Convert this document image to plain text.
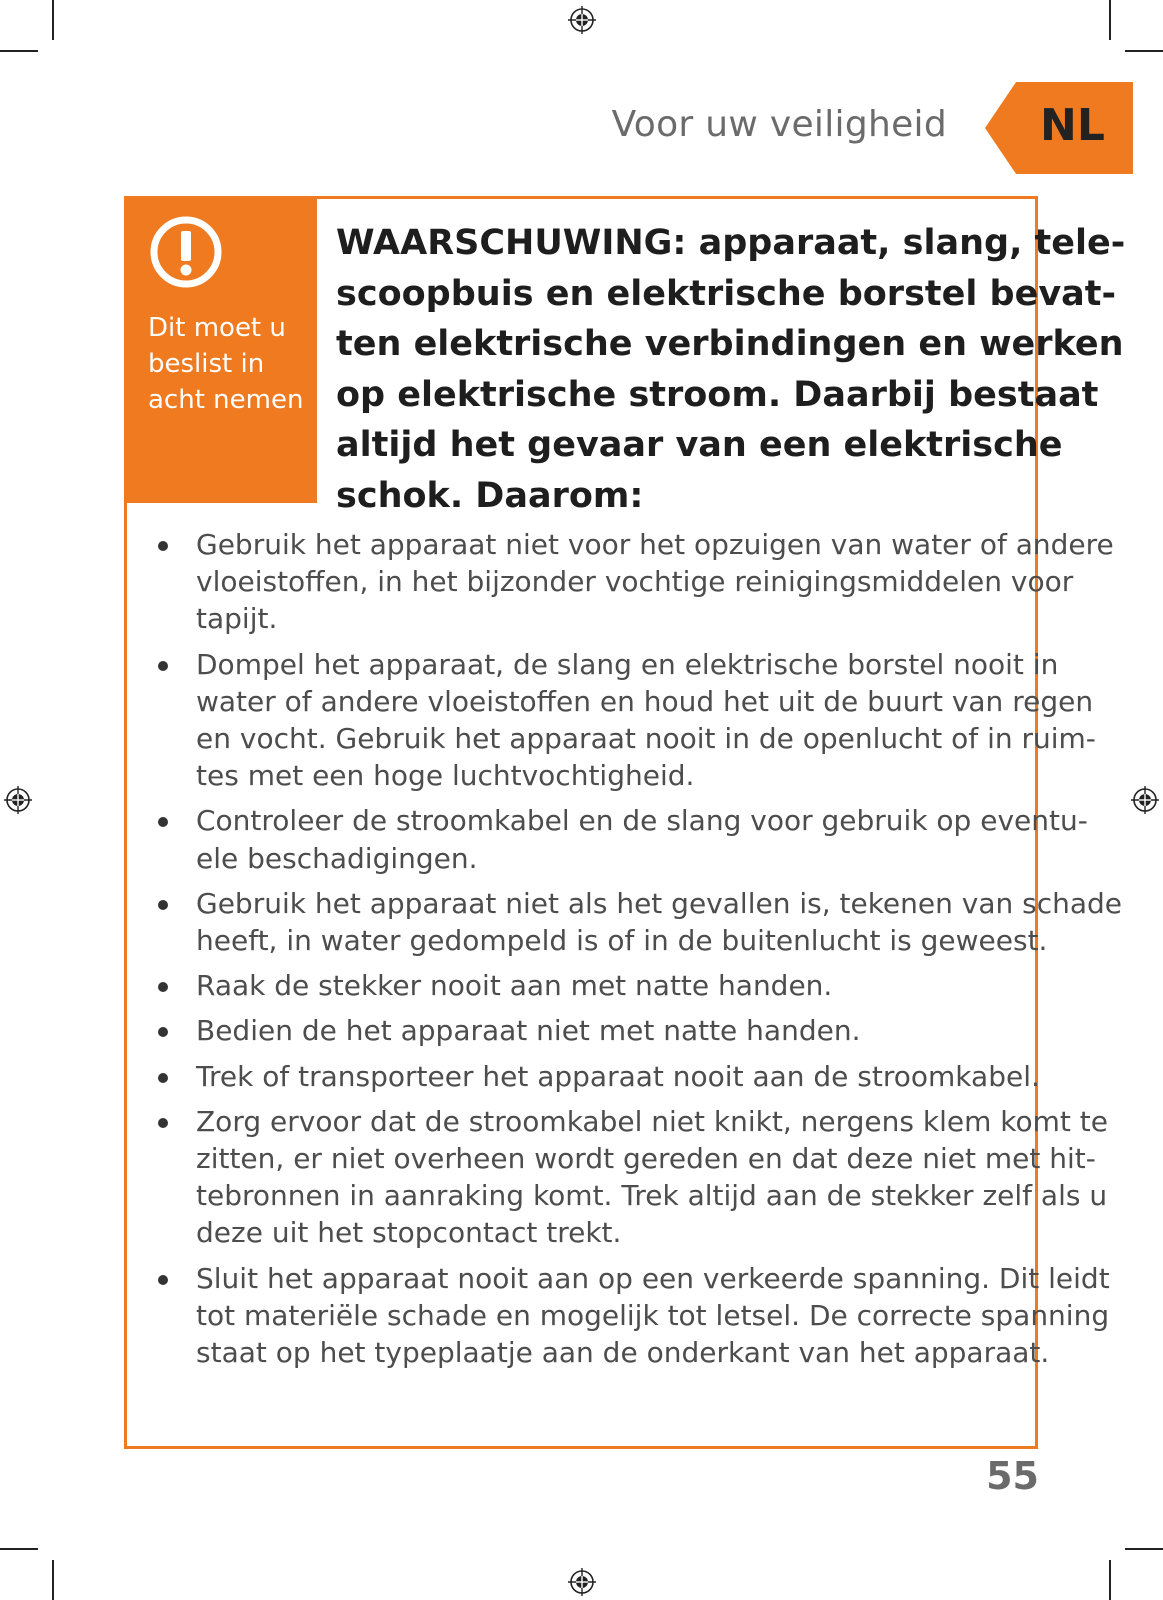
Voor uw veiligheid NL
Dit moet u
beslist in
acht nemen
WAARSCHUWING: apparaat, slang, tele-
scoopbuis en elektrische borstel bevat-
ten elektrische verbindingen en werken
op elektrische stroom. Daarbij bestaat
altijd het gevaar van een elektrische
schok. Daarom:
Gebruik het apparaat niet voor het opzuigen van water of andere
vloeistoffen, in het bijzonder vochtige reinigingsmiddelen voor
tapijt.
Dompel het apparaat, de slang en elektrische borstel nooit in
water of andere vloeistoffen en houd het uit de buurt van regen
en vocht. Gebruik het apparaat nooit in de openlucht of in ruim-
tes met een hoge luchtvochtigheid.
Controleer de stroomkabel en de slang voor gebruik op eventu-
ele beschadigingen.
Gebruik het apparaat niet als het gevallen is, tekenen van schade
heeft, in water gedompeld is of in de buitenlucht is geweest.
Raak de stekker nooit aan met natte handen.
Bedien de het apparaat niet met natte handen.
Trek of transporteer het apparaat nooit aan de stroomkabel.
Zorg ervoor dat de stroomkabel niet knikt, nergens klem komt te
zitten, er niet overheen wordt gereden en dat deze niet met hit-
tebronnen in aanraking komt. Trek altijd aan de stekker zelf als u
deze uit het stopcontact trekt.
Sluit het apparaat nooit aan op een verkeerde spanning. Dit leidt
tot materiële schade en mogelijk tot letsel. De correcte spanning
staat op het typeplaatje aan de onderkant van het apparaat.
55
